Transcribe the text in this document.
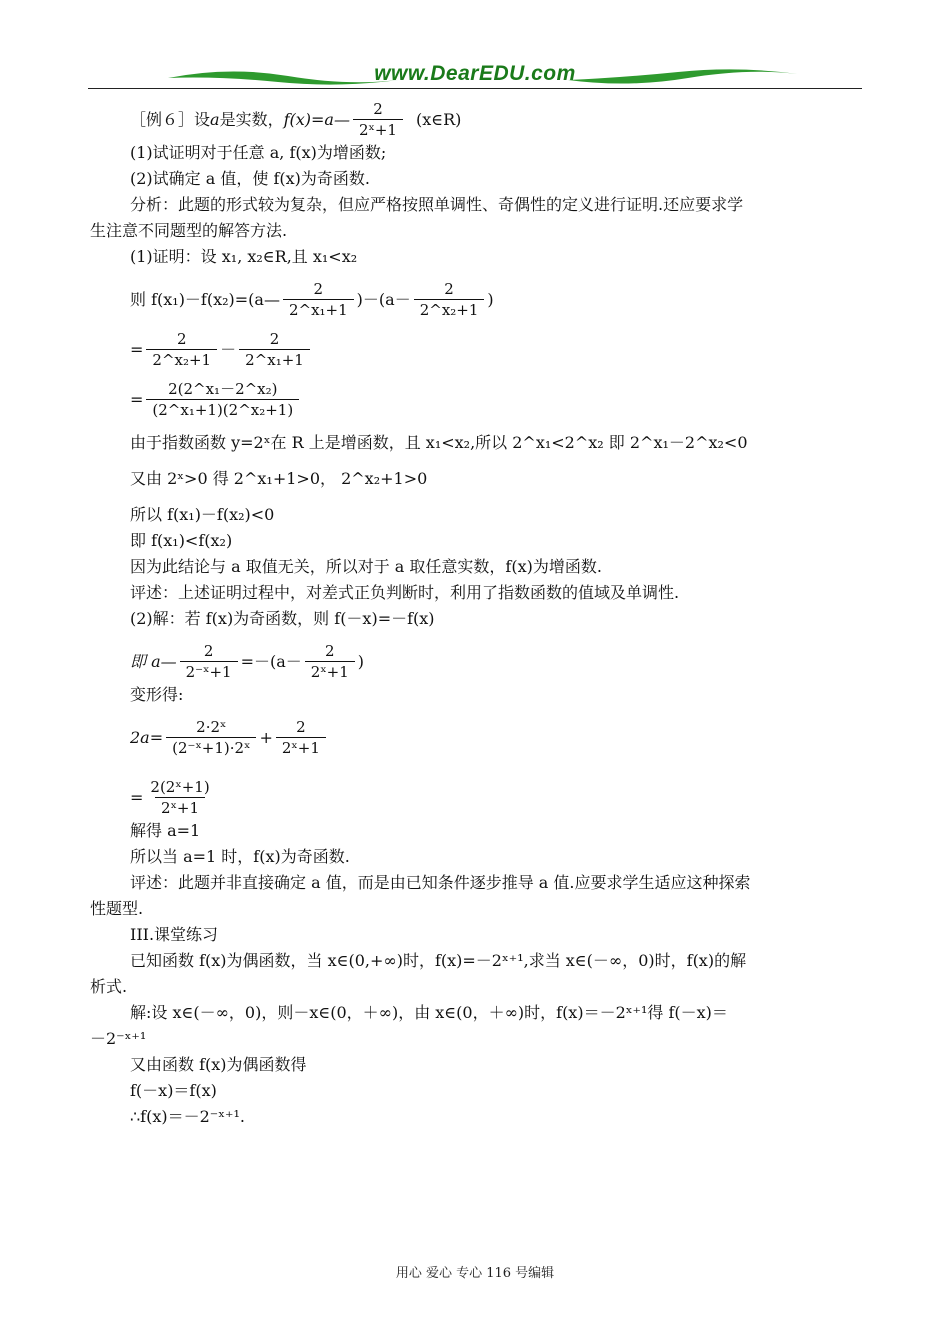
www.DearEDU.com
［例６］设 a 是实数， f(x)=a— $\frac{2}{\text{2ˣ+1}}$ (x∈R)

(1)试证明对于任意 a, f(x)为增函数;

(2)试确定 a 值，使 f(x)为奇函数.

分析：此题的形式较为复杂，但应严格按照单调性、奇偶性的定义进行证明.还应要求学

生注意不同题型的解答方法.

(1)证明：设 x₁, x₂∈R,且 x₁<x₂

则 f(x₁)－f(x₂)=(a— $\frac{2}{\text{2\textasciicircum{}x₁+1}} )-(a- \frac{2}{\text{2\textasciicircum{}x₂+1}}$ )
= $\frac{2}{\text{2\textasciicircum{}x₂+1}} - \frac{2}{\text{2\textasciicircum{}x₁+1}}$
= $\frac{\text{2(2\textasciicircum{}x₁－2\textasciicircum{}x₂)}}{\text{(2\textasciicircum{}x₁+1)(2\textasciicircum{}x₂+1)}}$

由于指数函数 y=2ˣ在 R 上是增函数，且 x₁<x₂,所以 2^x₁<2^x₂ 即 2^x₁－2^x₂<0

又由 2ˣ>0 得 2^x₁+1>0， 2^x₂+1>0

所以 f(x₁)－f(x₂)<0

即 f(x₁)<f(x₂)

因为此结论与 a 取值无关，所以对于 a 取任意实数，f(x)为增函数.

评述：上述证明过程中，对差式正负判断时，利用了指数函数的值域及单调性.

(2)解：若 f(x)为奇函数，则 f(－x)=－f(x)

即 a— $\frac{2}{\text{2⁻ˣ+1}} =-(a- \frac{2}{\text{2ˣ+1}}$ )

变形得:

$2a= \frac{\text{2·2ˣ}}{\text{(2⁻ˣ+1)·2ˣ}} + \frac{2}{\text{2ˣ+1}}$
= $\frac{\text{2(2ˣ+1)}}{\text{2ˣ+1}}$

解得 a=1

所以当 a=1 时，f(x)为奇函数.

评述：此题并非直接确定 a 值，而是由已知条件逐步推导 a 值.应要求学生适应这种探索

性题型.

III.课堂练习

已知函数 f(x)为偶函数，当 x∈(0,+∞)时，f(x)=－2ˣ⁺¹,求当 x∈(－∞，0)时，f(x)的解

析式.

解:设 x∈(－∞，0)，则－x∈(0，＋∞)，由 x∈(0，＋∞)时，f(x)＝－2ˣ⁺¹得 f(－x)＝

－2⁻ˣ⁺¹

又由函数 f(x)为偶函数得

f(－x)＝f(x)

∴f(x)＝－2⁻ˣ⁺¹.

用心 爱心 专心 116 号编辑
